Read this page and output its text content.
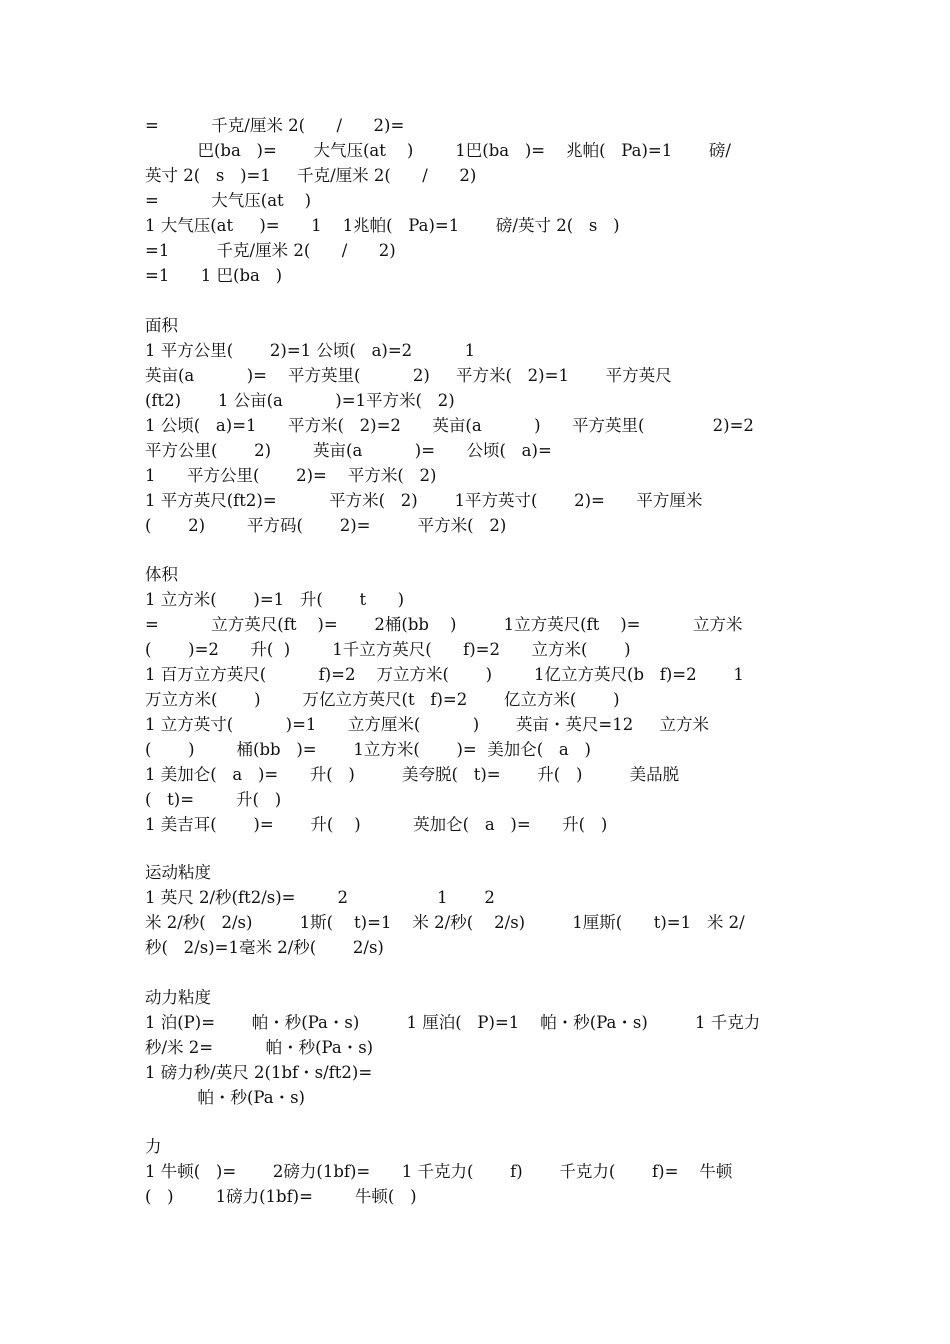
=          千克/厘米 2(      /      2)=
巴(ba   )=       大气压(at    )        1巴(ba   )=    兆帕(   Pa)=1       磅/
英寸 2(   s   )=1     千克/厘米 2(      /      2)
=          大气压(at    )
1 大气压(at     )=      1    1兆帕(   Pa)=1       磅/英寸 2(   s   )
=1         千克/厘米 2(      /      2)
=1      1 巴(ba   )
面积
1 平方公里(       2)=1 公顷(   a)=2          1
英亩(a          )=    平方英里(          2)     平方米(   2)=1       平方英尺
(ft2)       1 公亩(a          )=1平方米(   2)
1 公顷(   a)=1      平方米(   2)=2      英亩(a          )      平方英里(             2)=2
平方公里(       2)        英亩(a          )=      公顷(   a)=
1      平方公里(       2)=    平方米(   2)
1 平方英尺(ft2)=          平方米(   2)       1平方英寸(       2)=      平方厘米
(       2)        平方码(       2)=         平方米(   2)
体积
1 立方米(       )=1   升(       t      )
=          立方英尺(ft    )=       2桶(bb    )         1立方英尺(ft    )=          立方米
(       )=2      升(  )        1千立方英尺(      f)=2      立方米(       )
1 百万立方英尺(          f)=2    万立方米(       )        1亿立方英尺(b   f)=2       1
万立方米(       )        万亿立方英尺(t   f)=2       亿立方米(       )
1 立方英寸(          )=1      立方厘米(          )       英亩・英尺=12     立方米
(       )        桶(bb   )=       1立方米(       )=  美加仑(   a   )
1 美加仑(   a   )=      升(   )         美夸脱(   t)=       升(   )         美品脱
(   t)=        升(   )
1 美吉耳(       )=       升(    )          英加仑(   a   )=      升(   )
运动粘度
1 英尺 2/秒(ft2/s)=        2                 1       2
米 2/秒(   2/s)         1斯(    t)=1    米 2/秒(    2/s)         1厘斯(      t)=1   米 2/
秒(   2/s)=1毫米 2/秒(       2/s)
动力粘度
1 泊(P)=       帕・秒(Pa・s)         1 厘泊(   P)=1    帕・秒(Pa・s)         1 千克力
秒/米 2=          帕・秒(Pa・s)
1 磅力秒/英尺 2(1bf・s/ft2)=
帕・秒(Pa・s)
力
1 牛顿(   )=       2磅力(1bf)=      1 千克力(       f)       千克力(       f)=    牛顿
(   )        1磅力(1bf)=        牛顿(   )
